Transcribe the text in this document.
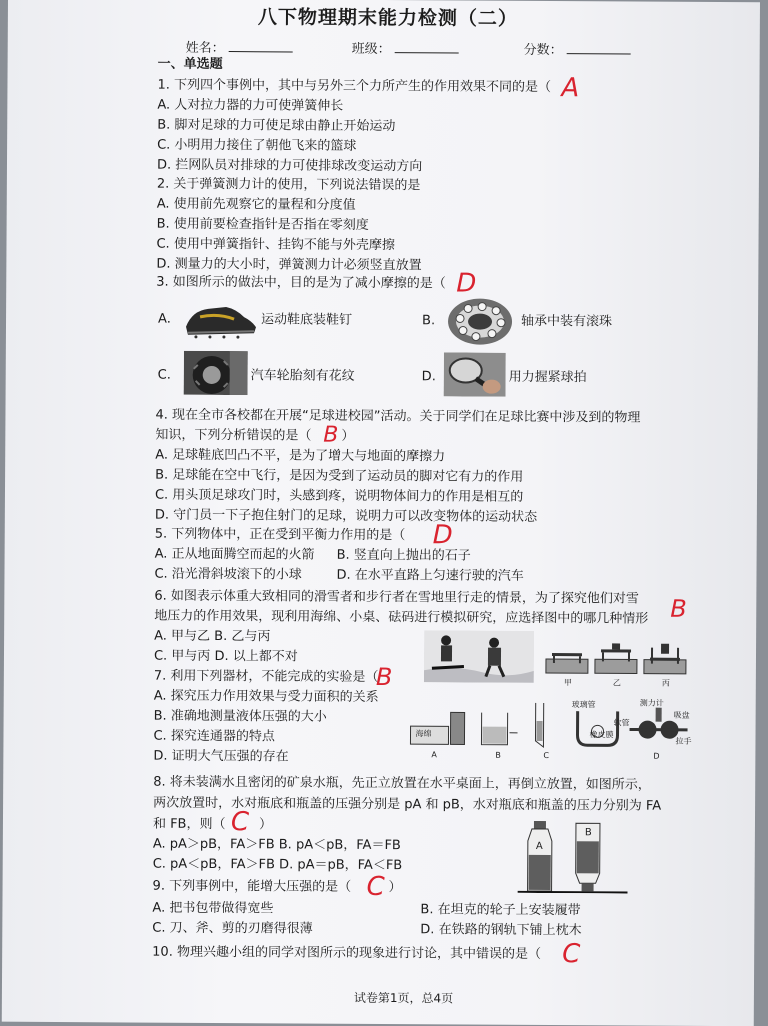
八下物理期末能力检测（二）
姓名：	班级：	分数：
一、单选题
1. 下列四个事例中，其中与另外三个力所产生的作用效果不同的是（ A
A. 人对拉力器的力可使弹簧伸长
B. 脚对足球的力可使足球由静止开始运动
C. 小明用力接住了朝他飞来的篮球
D. 拦网队员对排球的力可使排球改变运动方向
2. 关于弹簧测力计的使用，下列说法错误的是
A. 使用前先观察它的量程和分度值
B. 使用前要检查指针是否指在零刻度
C. 使用中弹簧指针、挂钩不能与外壳摩擦
D. 测量力的大小时，弹簧测力计必须竖直放置
3. 如图所示的做法中，目的是为了减小摩擦的是（ D
A.	运动鞋底装鞋钉	B.	轴承中装有滚珠
C.	汽车轮胎刻有花纹	D.	用力握紧球拍
4. 现在全市各校都在开展“足球进校园”活动。关于同学们在足球比赛中涉及到的物理
知识，下列分析错误的是（ B ）
A. 足球鞋底凹凸不平，是为了增大与地面的摩擦力
B. 足球能在空中飞行，是因为受到了运动员的脚对它有力的作用
C. 用头顶足球攻门时，头感到疼，说明物体间力的作用是相互的
D. 守门员一下子抱住射门的足球，说明力可以改变物体的运动状态
5. 下列物体中，正在受到平衡力作用的是（ D
A. 正从地面腾空而起的火箭 B. 竖直向上抛出的石子
C. 沿光滑斜坡滚下的小球	D. 在水平直路上匀速行驶的汽车
6. 如图表示体重大致相同的滑雪者和步行者在雪地里行走的情景，为了探究他们对雪 B
地压力的作用效果，现利用海绵、小桌、砝码进行模拟研究，应选择图中的哪几种情形
A. 甲与乙 B. 乙与丙
C. 甲与丙 D. 以上都不对
甲	乙	丙
7. 利用下列器材，不能完成的实验是（
B
A. 探究压力作用效果与受力面积的关系
B. 准确地测量液体压强的大小
C. 探究连通器的特点
D. 证明大气压强的存在
海绵
A	B	C
玻璃管
软管
橡皮膜
测力计
吸盘
拉手
D
8. 将未装满水且密闭的矿泉水瓶，先正立放置在水平桌面上，再倒立放置，如图所示，
两次放置时，水对瓶底和瓶盖的压强分别是 pA 和 pB，水对瓶底和瓶盖的压力分别为 FA
和 FB，则（ C ）
A. pA＞pB，FA＞FB B. pA＜pB，FA＝FB
C. pA＜pB，FA＞FB D. pA＝pB，FA＜FB
A
B
9. 下列事例中，能增大压强的是（ C ）
A. 把书包带做得宽些	B. 在坦克的轮子上安装履带
C. 刀、斧、剪的刃磨得很薄	D. 在铁路的钢轨下铺上枕木
10. 物理兴趣小组的同学对图所示的现象进行讨论，其中错误的是（ C
试卷第1页，总4页
